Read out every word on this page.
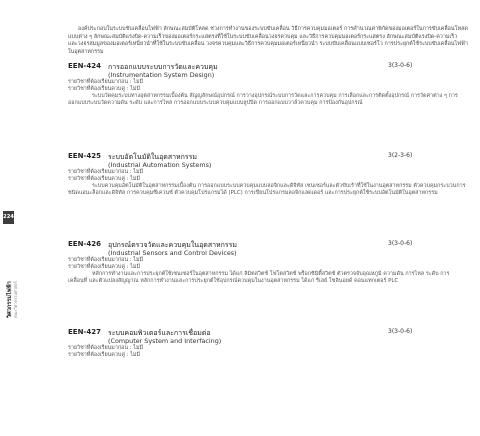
องค์ประกอบในระบบขับเคลื่อนไฟฟ้า ลักษณะสมบัติโหลด ช่วงการทำงานของระบบขับเคลื่อน วิธีการควบคุมมอเตอร์ การคำนวณค่าพิกัดของมอเตอร์ในการขับเคลื่อนโหลดแบบต่าง ๆ ลักษณะสมบัติแรงบิด-ความเร็วของมอเตอร์กระแสตรงที่ใช้ในระบบขับเคลื่อนวงจรควบคุม และวิธีการควบคุมมอเตอร์กระแสตรง ลักษณะสมบัติแรงบิด-ความเร็ว และวงจรสมมูลของมอเตอร์เหนี่ยวนำที่ใช้ในระบบขับเคลื่อน วงจรควบคุมและวิธีการควบคุมมอเตอร์เหนี่ยวนำ ระบบขับเคลื่อนแบบเซอร์โว การประยุกต์ใช้ระบบขับเคลื่อนไฟฟ้าในอุตสาหกรรม
EEN-424 การออกแบบระบบการวัดและควบคุม	3(3-0-6)
(Instrumentation System Design)
รายวิชาที่ต้องเรียนมาก่อน : ไม่มี
รายวิชาที่ต้องเรียนควบคู่ : ไม่มี
ระบบวัดคุมระบบทางอุตสาหกรรมเบื้องต้น สัญญลักษณ์อุปกรณ์ การวางอุปกรณ์ระบบการวัดและการควบคุม การเลือกและการติดตั้งอุปกรณ์ การวัดค่าต่าง ๆ การออกแบบระบบวัดความดัน ระดับ และการไหล การออกแบบระบบควบคุมแบบลูปปิด การออกแบบวาล์วควบคุม การป้องกันอุปกรณ์
EEN-425 ระบบอัตโนมัติในอุตสาหกรรม	3(2-3-6)
(Industrial Automation Systems)
รายวิชาที่ต้องเรียนมาก่อน : ไม่มี
รายวิชาที่ต้องเรียนควบคู่ : ไม่มี
ระบบควบคุมอัตโนมัติในอุตสาหกรรมเบื้องต้น การออกแบบระบบควบคุมแบบลอจิกและดิจิทัล เซนเซอร์และตัวขับเร้าที่ใช้ในงานอุตสาหกรรม ตัวควบคุมกระบวนการชนิดแอนะล็อกและดิจิทัล การควบคุมซีเควนซ์ ตัวควบคุมโปรแกรมได้ (PLC) การเขียนโปรแกรมลอจิกแลดเดอร์ และการประยุกต์ใช้ระบบอัตโนมัติในอุตสาหกรรม
EEN-426 อุปกรณ์ตรวจวัดและควบคุมในอุตสาหกรรม	3(3-0-6)
(Industrial Sensors and Control Devices)
รายวิชาที่ต้องเรียนมาก่อน : ไม่มี
รายวิชาที่ต้องเรียนควบคู่ : ไม่มี
หลักการทำงานและการประยุกต์ใช้เซนเซอร์ในอุตสาหกรรม ได้แก่ ลิมิตสวิตช์ โฟโตสวิตช์ พร็อกซิมิตี้สวิตช์ ตัวตรวจจับอุณหภูมิ ความดัน การไหล ระดับ การเคลื่อนที่ และตัวแปลงสัญญาณ หลักการทำงานและการประยุกต์ใช้อุปกรณ์ควบคุมในงานอุตสาหกรรม ได้แก่ รีเลย์ โซลินอยด์ คอนแทกเตอร์ PLC
EEN-427 ระบบคอมพิวเตอร์และการเชื่อมต่อ	3(3-0-6)
(Computer System and Interfacing)
รายวิชาที่ต้องเรียนมาก่อน : ไม่มี
รายวิชาที่ต้องเรียนควบคู่ : ไม่มี
224
วิศวกรรมไฟฟ้า คณะวิศวกรรมศาสตร์
